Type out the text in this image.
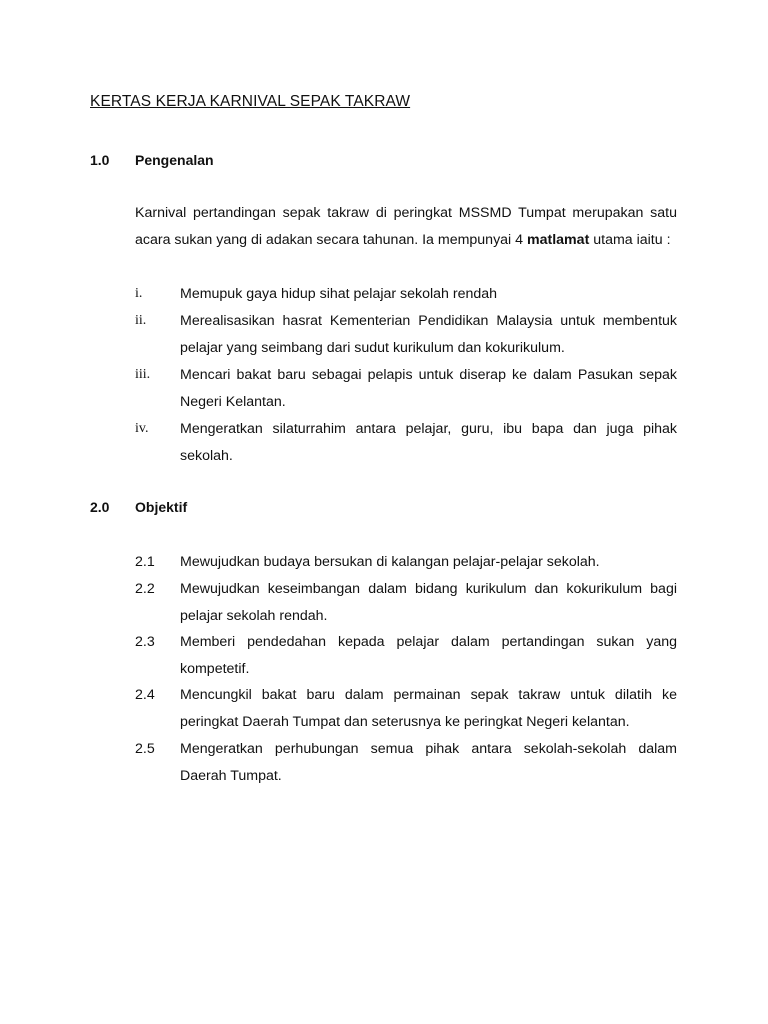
KERTAS KERJA KARNIVAL SEPAK TAKRAW
1.0 Pengenalan
Karnival pertandingan sepak takraw di peringkat MSSMD Tumpat merupakan satu acara sukan yang di adakan secara tahunan. Ia mempunyai 4 matlamat utama iaitu :
i.	Memupuk gaya hidup sihat pelajar sekolah rendah
ii. Merealisasikan hasrat Kementerian Pendidikan Malaysia untuk membentuk pelajar yang seimbang dari sudut kurikulum dan kokurikulum.
iii. Mencari bakat baru sebagai pelapis untuk diserap ke dalam Pasukan sepak Negeri Kelantan.
iv. Mengeratkan silaturrahim antara pelajar, guru, ibu bapa dan juga pihak sekolah.
2.0 Objektif
2.1 Mewujudkan budaya bersukan di kalangan pelajar-pelajar sekolah.
2.2 Mewujudkan keseimbangan dalam bidang kurikulum dan kokurikulum bagi pelajar sekolah rendah.
2.3 Memberi pendedahan kepada pelajar dalam pertandingan sukan yang kompetetif.
2.4 Mencungkil bakat baru dalam permainan sepak takraw untuk dilatih ke peringkat Daerah Tumpat dan seterusnya ke peringkat Negeri kelantan.
2.5 Mengeratkan perhubungan semua pihak antara sekolah-sekolah dalam Daerah Tumpat.
